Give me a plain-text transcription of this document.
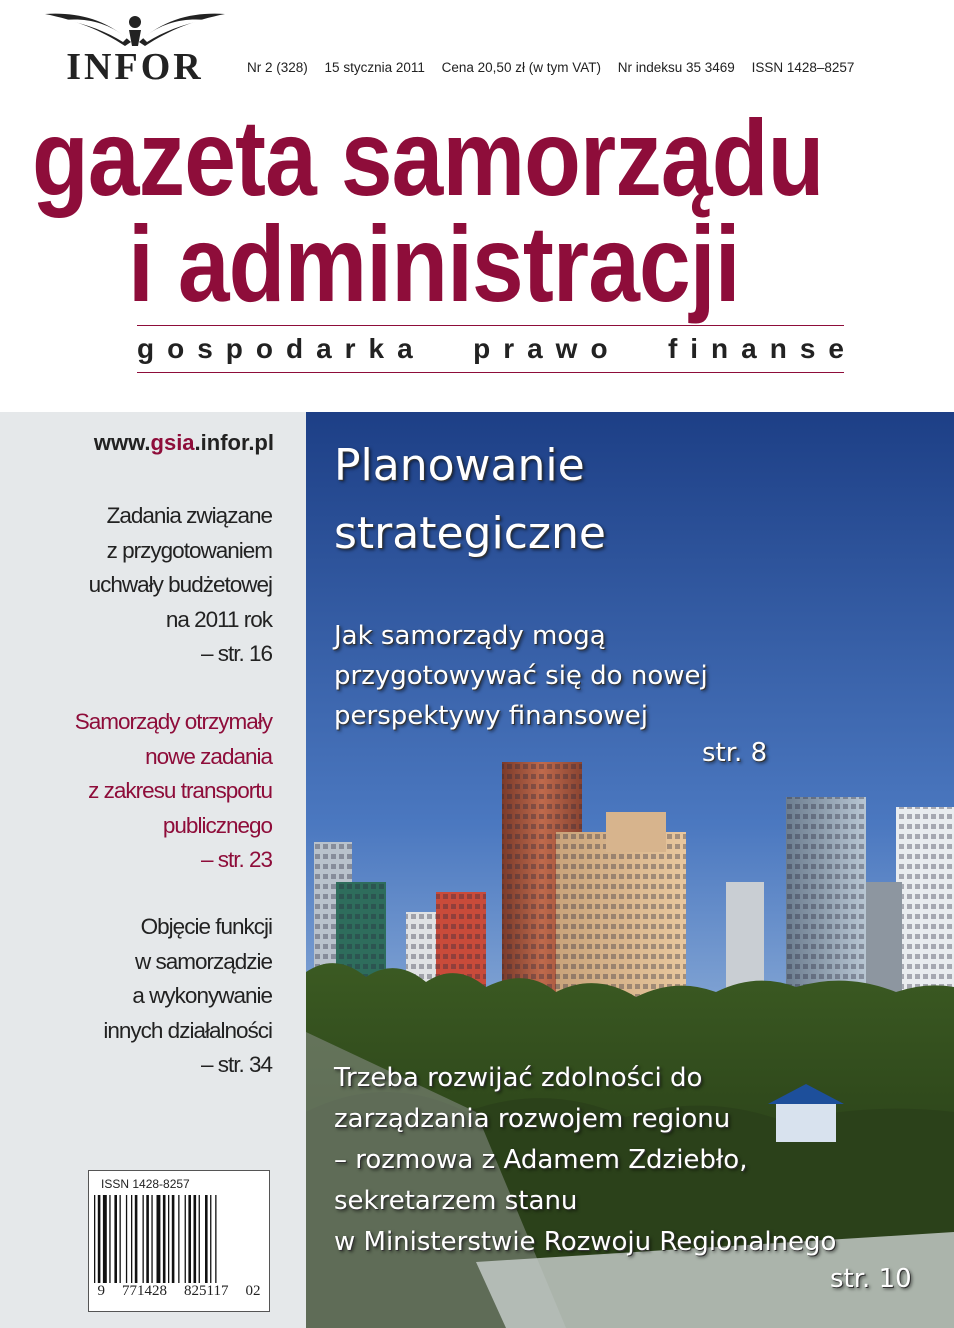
INFOR	Nr 2 (328) 15 stycznia 2011 Cena 20,50 zł (w tym VAT) Nr indeksu 35 3469 ISSN 1428–8257
gazeta samorządu
i administracji
gospodarka prawo finanse
www.gsia.infor.pl
Zadania związane
z przygotowaniem
uchwały budżetowej
na 2011 rok
– str. 16
Samorządy otrzymały
nowe zadania
z zakresu transportu
publicznego
– str. 23
Objęcie funkcji
w samorządzie
a wykonywanie
innych działalności
– str. 34
ISSN 1428-8257
9 771428 825117 02
Planowanie
strategiczne
Jak samorządy mogą
przygotowywać się do nowej
perspektywy finansowej
str. 8
Trzeba rozwijać zdolności do
zarządzania rozwojem regionu
– rozmowa z Adamem Zdziebło,
sekretarzem stanu
w Ministerstwie Rozwoju Regionalnego
str. 10
